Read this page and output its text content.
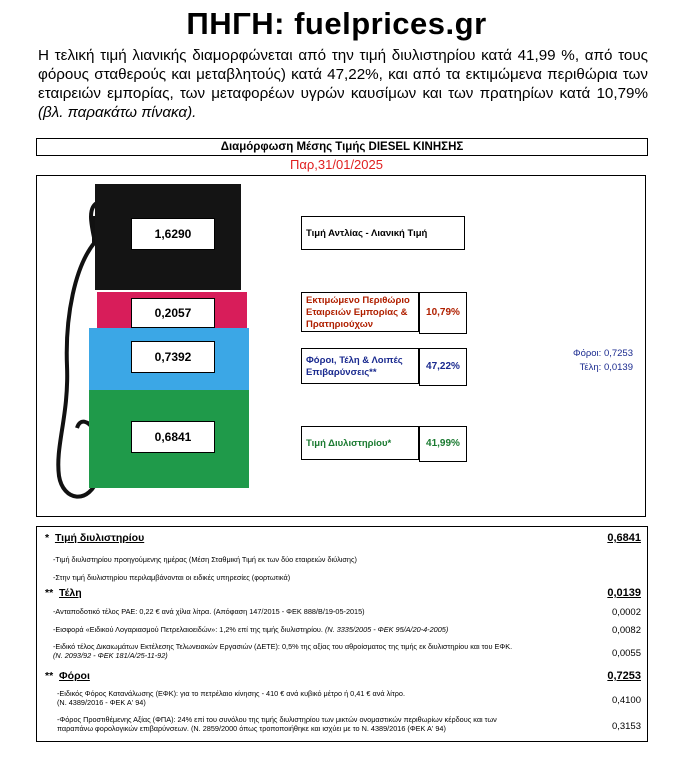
ΠΗΓΗ: fuelprices.gr
Η τελική τιμή λιανικής διαμορφώνεται από την τιμή διυλιστηρίου κατά 41,99 %, από τους φόρους σταθερούς και μεταβλητούς) κατά 47,22%, και από τα εκτιμώμενα περιθώρια των εταιρειών εμπορίας, των μεταφορέων υγρών καυσίμων και των πρατηρίων κατά 10,79% (βλ. παρακάτω πίνακα).
Διαμόρφωση Μέσης Τιμής DIESEL ΚΙΝΗΣΗΣ
Παρ,31/01/2025
1,6290
0,2057
0,7392
0,6841
Τιμή Αντλίας - Λιανική Τιμή
Εκτιμώμενο Περιθώριο Εταιρειών Εμπορίας & Πρατηριούχων
10,79%
Φόροι, Τέλη & Λοιπές Επιβαρύνσεις**
47,22%
Τιμή Διυλιστηρίου*	41,99%
Φόροι: 0,7253
Τέλη: 0,0139
* Τιμή διυλιστηρίου	0,6841
-Τιμή διυλιστηρίου προηγούμενης ημέρας (Μέση Σταθμική Τιμή εκ των δύο εταιρειών διύλισης)
-Στην τιμή διυλιστηρίου περιλαμβάνονται οι ειδικές υπηρεσίες (φορτωτικά)
** Τέλη	0,0139
-Ανταποδοτικό τέλος ΡΑΕ: 0,22 € ανά χίλια λίτρα. (Απόφαση 147/2015 - ΦΕΚ 888/Β/19-05-2015)	0,0002
-Εισφορά «Ειδικού Λογαριασμού Πετρελαιοειδών»: 1,2% επί της τιμής διυλιστηρίου. (Ν. 3335/2005 - ΦΕΚ 95/Α/20-4-2005)	0,0082
-Ειδικό τέλος Δικαιωμάτων Εκτέλεσης Τελωνειακών Εργασιών (ΔΕΤΕ): 0,5% της αξίας του αθροίσματος της τιμής εκ διυλιστηρίου και του ΕΦΚ.
(Ν. 2093/92 - ΦΕΚ 181/Α/25-11-92)	0,0055
** Φόροι	0,7253
-Ειδικός Φόρος Κατανάλωσης (ΕΦΚ): για το πετρέλαιο κίνησης - 410 € ανά κυβικό μέτρο ή 0,41 € ανά λίτρο.
(Ν. 4389/2016 - ΦΕΚ Α' 94)	0,4100
-Φόρος Προστιθέμενης Αξίας (ΦΠΑ): 24% επί του συνόλου της τιμής διυλιστηρίου των μικτών ονομαστικών περιθωρίων κέρδους και των
παραπάνω φορολογικών επιβαρύνσεων. (Ν. 2859/2000 όπως τροποποιήθηκε και ισχύει με το Ν. 4389/2016 (ΦΕΚ Α' 94)	0,3153
